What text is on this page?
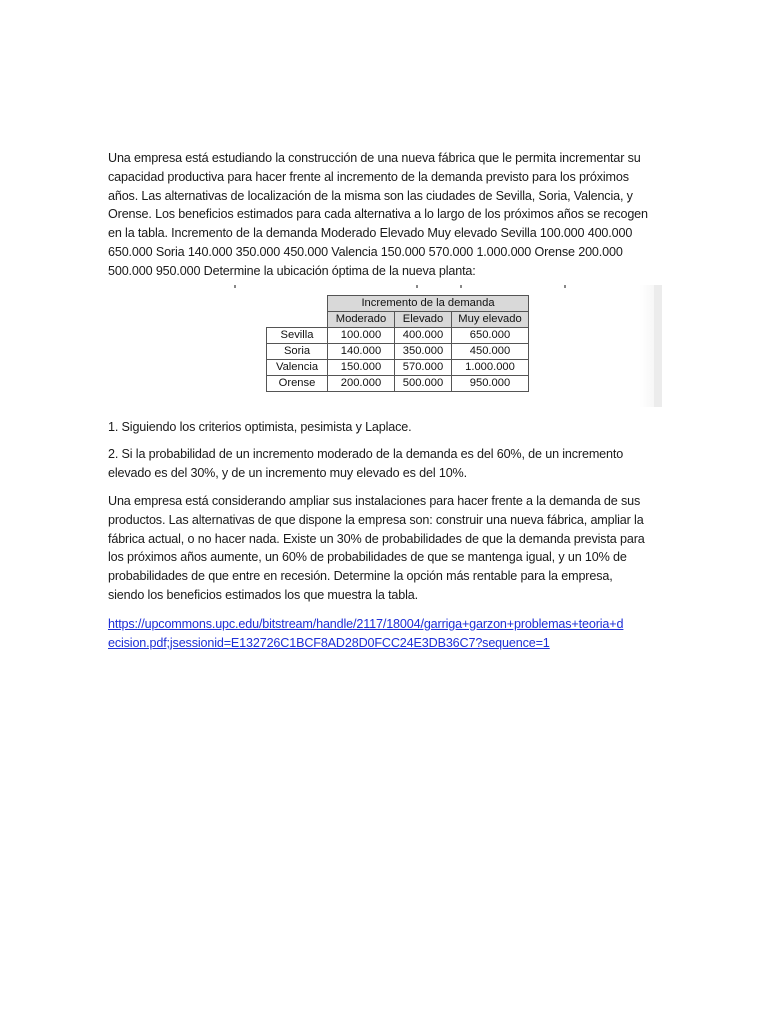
Una empresa está estudiando la construcción de una nueva fábrica que le permita incrementar su
capacidad productiva para hacer frente al incremento de la demanda previsto para los próximos
años. Las alternativas de localización de la misma son las ciudades de Sevilla, Soria, Valencia, y
Orense. Los beneficios estimados para cada alternativa a lo largo de los próximos años se recogen
en la tabla. Incremento de la demanda Moderado Elevado Muy elevado Sevilla 100.000 400.000
650.000 Soria 140.000 350.000 450.000 Valencia 150.000 570.000 1.000.000 Orense 200.000
500.000 950.000 Determine la ubicación óptima de la nueva planta:

	Incremento de la demanda		
	Moderado	Elevado	Muy elevado
Sevilla	100.000	400.000	650.000
Soria	140.000	350.000	450.000
Valencia	150.000	570.000	1.000.000
Orense	200.000	500.000	950.000

1. Siguiendo los criterios optimista, pesimista y Laplace.

2. Si la probabilidad de un incremento moderado de la demanda es del 60%, de un incremento
elevado es del 30%, y de un incremento muy elevado es del 10%.

Una empresa está considerando ampliar sus instalaciones para hacer frente a la demanda de sus
productos. Las alternativas de que dispone la empresa son: construir una nueva fábrica, ampliar la
fábrica actual, o no hacer nada. Existe un 30% de probabilidades de que la demanda prevista para
los próximos años aumente, un 60% de probabilidades de que se mantenga igual, y un 10% de
probabilidades de que entre en recesión. Determine la opción más rentable para la empresa,
siendo los beneficios estimados los que muestra la tabla.

https://upcommons.upc.edu/bitstream/handle/2117/18004/garriga+garzon+problemas+teoria+d
ecision.pdf;jsessionid=E132726C1BCF8AD28D0FCC24E3DB36C7?sequence=1
